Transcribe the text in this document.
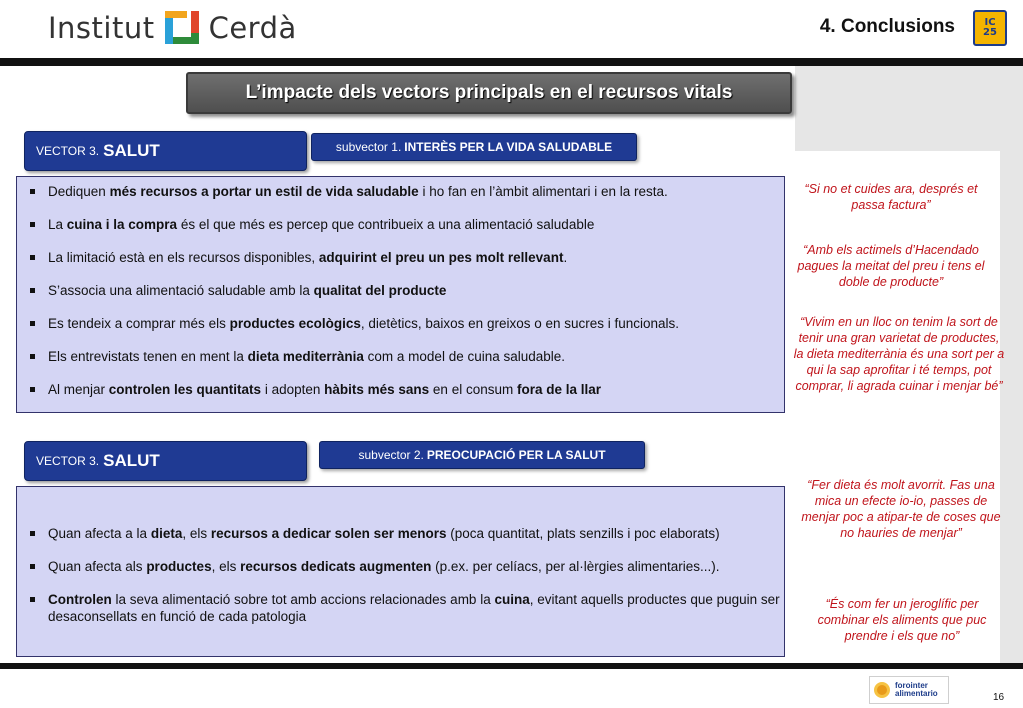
Institut Cerdà	4. Conclusions	IC
25
L’impacte dels vectors principals en el recursos vitals
VECTOR 3. SALUT	subvector 1. INTERÈS PER LA VIDA SALUDABLE
Dediquen més recursos a portar un estil de vida saludable i ho fan en l’àmbit alimentari i en la resta.
La cuina i la compra és el que més es percep que contribueix a una alimentació saludable
La limitació està en els recursos disponibles, adquirint el preu un pes molt rellevant.
S’associa una alimentació saludable amb la qualitat del producte
Es tendeix a comprar més els productes ecològics, dietètics, baixos en greixos o en sucres i funcionals.
Els entrevistats tenen en ment la dieta mediterrània com a model de cuina saludable.
Al menjar controlen les quantitats i adopten hàbits més sans en el consum fora de la llar
VECTOR 3. SALUT	subvector 2. PREOCUPACIÓ PER LA SALUT
Quan afecta a la dieta, els recursos a dedicar solen ser menors (poca quantitat, plats senzills i poc elaborats)
Quan afecta als productes, els recursos dedicats augmenten (p.ex. per celíacs, per al·lèrgies alimentaries...).
Controlen la seva alimentació sobre tot amb accions relacionades amb la cuina, evitant aquells productes que puguin ser desaconsellats en funció de cada patologia
“Si no et cuides ara, després et passa factura”
“Amb els actimels d’Hacendado pagues la meitat del preu i tens el doble de producte”
“Vivim en un lloc on tenim la sort de tenir una gran varietat de productes, la dieta mediterrània és una sort per a qui la sap aprofitar i té temps, pot comprar, li agrada cuinar i menjar bé”
“Fer dieta és molt avorrit. Fas una mica un efecte io-io, passes de menjar poc a atipar-te de coses que no hauries de menjar”
“És com fer un jeroglífic per combinar els aliments que puc prendre i els que no”
forointer
alimentario	16
